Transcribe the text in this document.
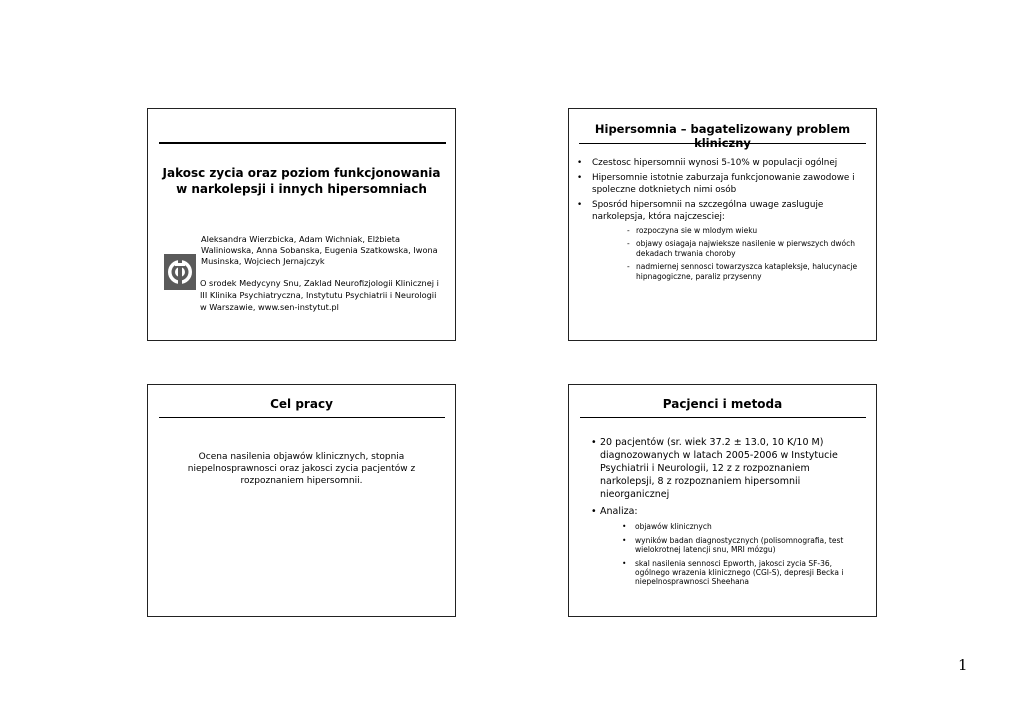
Jakosc zycia oraz poziom funkcjonowania w narkolepsji i innych hipersomniach
Aleksandra Wierzbicka, Adam Wichniak, Elżbieta Waliniowska, Anna Sobanska, Eugenia Szatkowska, Iwona Musinska, Wojciech Jernajczyk
O srodek Medycyny Snu, Zaklad Neurofizjologii Klinicznej i III Klinika Psychiatryczna, Instytutu Psychiatrii i Neurologii w Warszawie, www.sen-instytut.pl
Hipersomnia – bagatelizowany problem kliniczny
• Czestosc hipersomnii wynosi 5-10% w populacji ogólnej
• Hipersomnie istotnie zaburzaja funkcjonowanie zawodowe i spoleczne dotknietych nimi osób
• Sposród hipersomnii na szczególna uwage zasluguje narkolepsja, która najczesciej:
- rozpoczyna sie w mlodym wieku
- objawy osiagaja najwieksze nasilenie w pierwszych dwóch dekadach trwania choroby
- nadmiernej sennosci towarzyszca katapleksje, halucynacje hipnagogiczne, paraliz przysenny
Cel pracy
Ocena nasilenia objawów klinicznych, stopnia niepelnosprawnosci oraz jakosci zycia pacjentów z rozpoznaniem hipersomnii.
Pacjenci i metoda
• 20 pacjentów (sr. wiek 37.2 ± 13.0, 10 K/10 M) diagnozowanych w latach 2005-2006 w Instytucie Psychiatrii i Neurologii, 12 z z rozpoznaniem narkolepsji, 8 z rozpoznaniem hipersomnii nieorganicznej
• Analiza:
• objawów klinicznych
• wyników badan diagnostycznych (polisomnografia, test wielokrotnej latencji snu, MRI mózgu)
• skal nasilenia sennosci Epworth, jakosci zycia SF-36, ogólnego wrazenia klinicznego (CGI-S), depresji Becka i niepelnosprawnosci Sheehana
1
